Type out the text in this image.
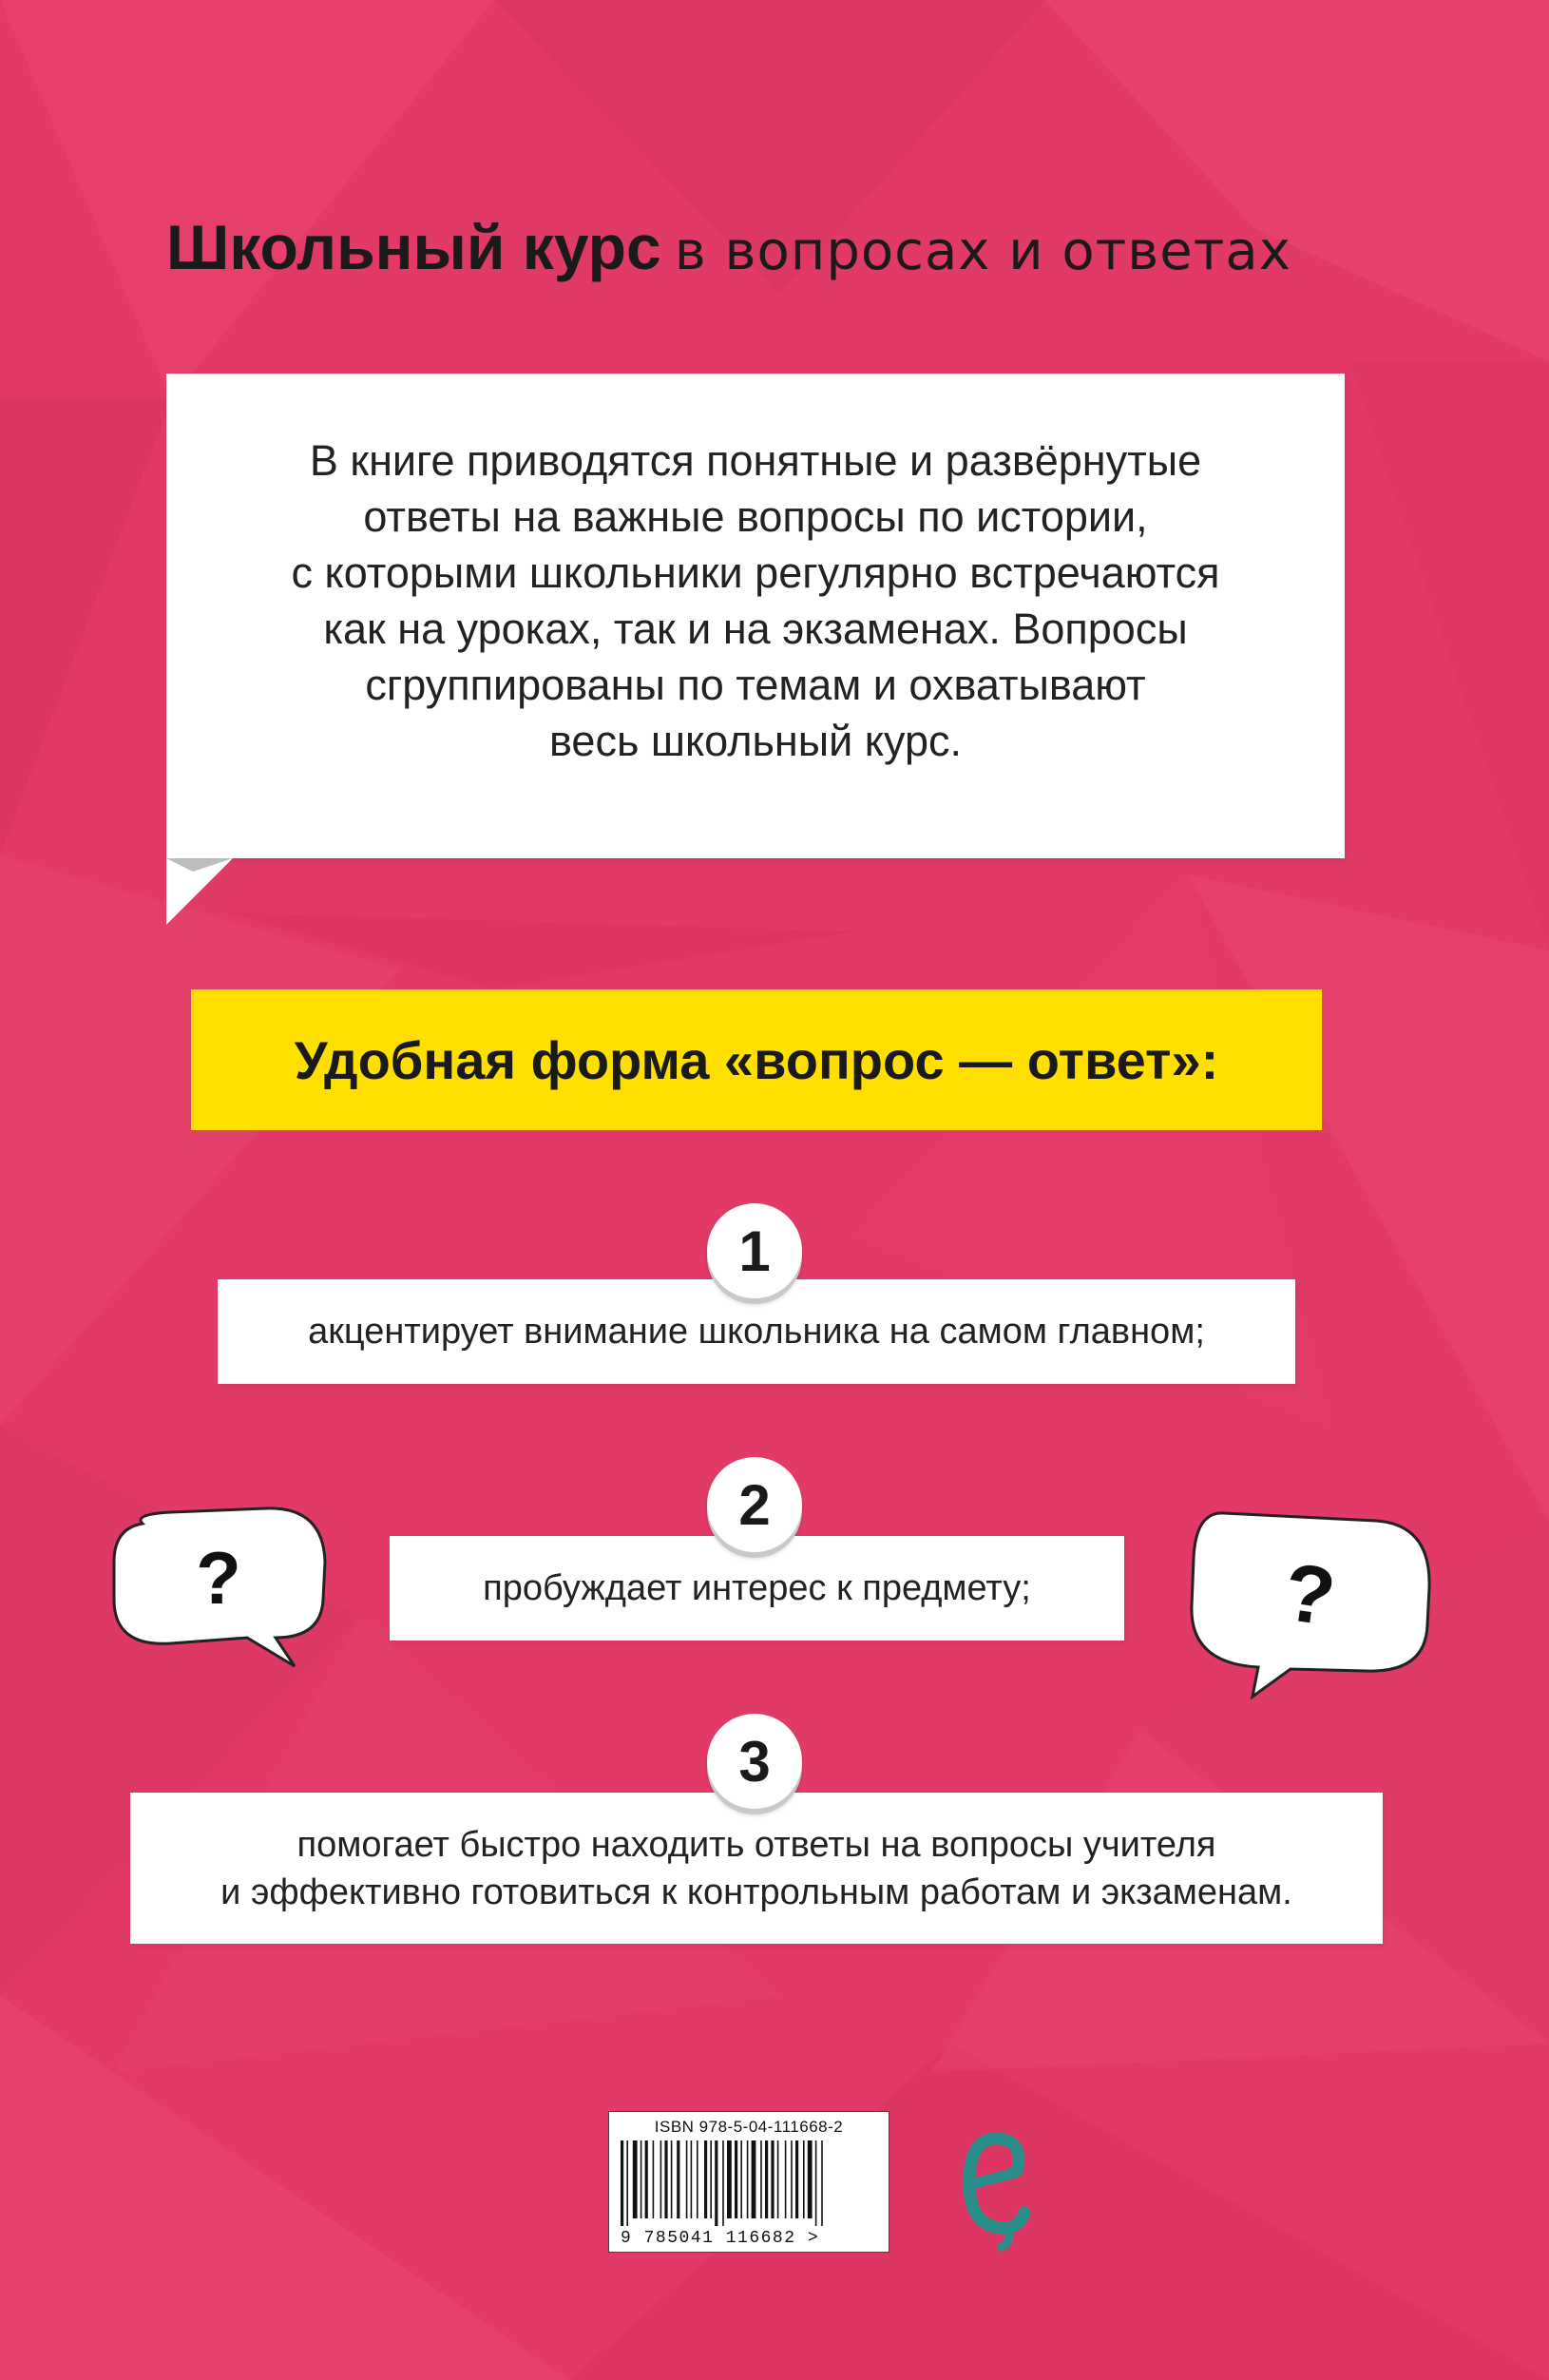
Школьный курс в вопросах и ответах
В книге приводятся понятные и развёрнутые
ответы на важные вопросы по истории,
с которыми школьники регулярно встречаются
как на уроках, так и на экзаменах. Вопросы
сгруппированы по темам и охватывают
весь школьный курс.
Удобная форма «вопрос — ответ»:
1
акцентирует внимание школьника на самом главном;
2
пробуждает интерес к предмету;
3
помогает быстро находить ответы на вопросы учителя
и эффективно готовиться к контрольным работам и экзаменам.
?	?
ISBN 978-5-04-111668-2
9 785041 116682 >
